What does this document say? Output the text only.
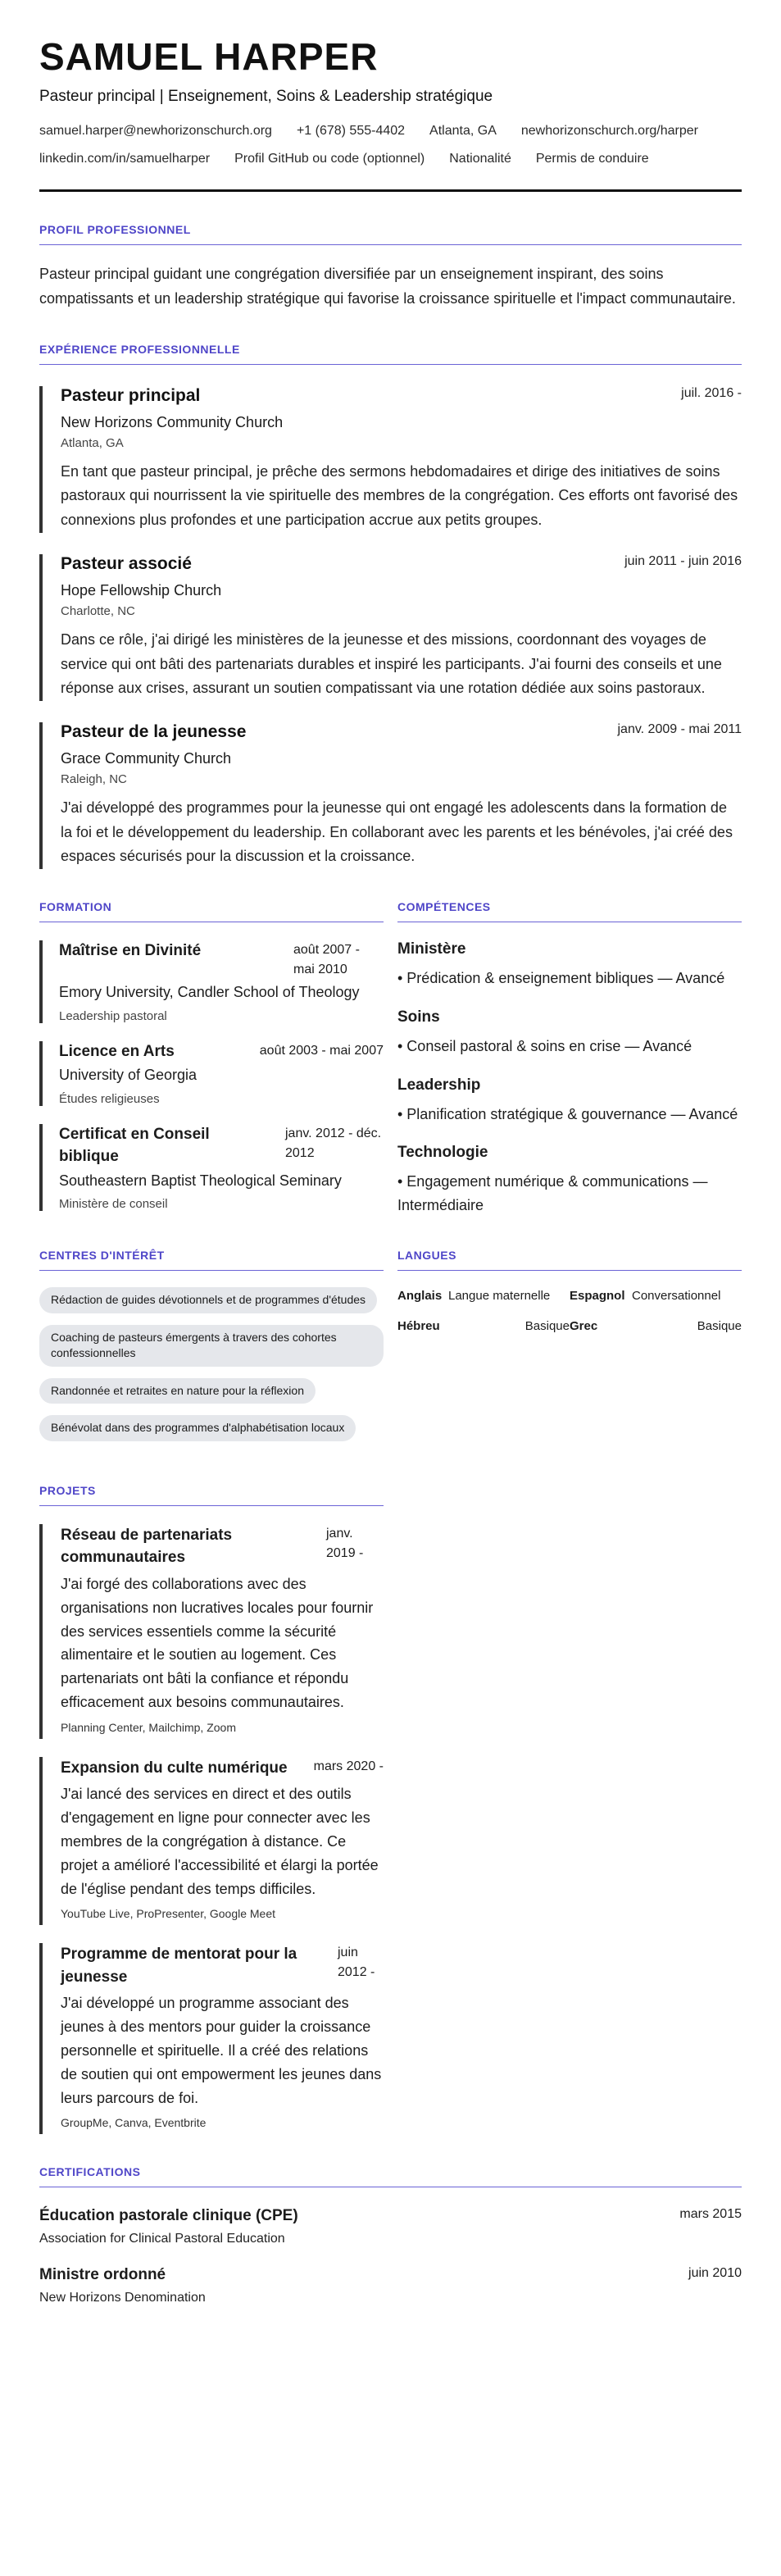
SAMUEL HARPER
Pasteur principal | Enseignement, Soins & Leadership stratégique
samuel.harper@newhorizonschurch.org +1 (678) 555-4402 Atlanta, GA newhorizonschurch.org/harper
linkedin.com/in/samuelharper Profil GitHub ou code (optionnel) Nationalité Permis de conduire
PROFIL PROFESSIONNEL

Pasteur principal guidant une congrégation diversifiée par un enseignement inspirant, des soins compatissants et un leadership stratégique qui favorise la croissance spirituelle et l'impact communautaire.

EXPÉRIENCE PROFESSIONNELLE
Pasteur principal	juil. 2016 -
New Horizons Community Church
Atlanta, GA

En tant que pasteur principal, je prêche des sermons hebdomadaires et dirige des initiatives de soins pastoraux qui nourrissent la vie spirituelle des membres de la congrégation. Ces efforts ont favorisé des connexions plus profondes et une participation accrue aux petits groupes.

Pasteur associé	juin 2011 - juin 2016
Hope Fellowship Church
Charlotte, NC

Dans ce rôle, j'ai dirigé les ministères de la jeunesse et des missions, coordonnant des voyages de service qui ont bâti des partenariats durables et inspiré les participants. J'ai fourni des conseils et une réponse aux crises, assurant un soutien compatissant via une rotation dédiée aux soins pastoraux.

Pasteur de la jeunesse	janv. 2009 - mai 2011
Grace Community Church
Raleigh, NC

J'ai développé des programmes pour la jeunesse qui ont engagé les adolescents dans la formation de la foi et le développement du leadership. En collaborant avec les parents et les bénévoles, j'ai créé des espaces sécurisés pour la discussion et la croissance.

FORMATION
Maîtrise en Divinité	août 2007 - mai 2010
Emory University, Candler School of Theology
Leadership pastoral
Licence en Arts	août 2003 - mai 2007
University of Georgia
Études religieuses
Certificat en Conseil biblique
janv. 2012 - déc. 2012
Southeastern Baptist Theological Seminary
Ministère de conseil
COMPÉTENCES
Ministère
• Prédication & enseignement bibliques — Avancé
Soins
• Conseil pastoral & soins en crise — Avancé
Leadership
• Planification stratégique & gouvernance — Avancé
Technologie
• Engagement numérique & communications — Intermédiaire
CENTRES D'INTÉRÊT
Rédaction de guides dévotionnels et de programmes d'études Coaching de pasteurs émergents à travers des cohortes confessionnelles Randonnée et retraites en nature pour la réflexion Bénévolat dans des programmes d'alphabétisation locaux
LANGUES
Anglais Langue maternelle	Espagnol Conversationnel
Hébreu	Basique Grec	Basique
PROJETS
Réseau de partenariats communautaires
janv. 2019 -

J'ai forgé des collaborations avec des organisations non lucratives locales pour fournir des services essentiels comme la sécurité alimentaire et le soutien au logement. Ces partenariats ont bâti la confiance et répondu efficacement aux besoins communautaires.

Planning Center, Mailchimp, Zoom
Expansion du culte numérique mars 2020 -

J'ai lancé des services en direct et des outils d'engagement en ligne pour connecter avec les membres de la congrégation à distance. Ce projet a amélioré l'accessibilité et élargi la portée de l'église pendant des temps difficiles.

YouTube Live, ProPresenter, Google Meet
Programme de mentorat pour la jeunesse
juin 2012 -

J'ai développé un programme associant des jeunes à des mentors pour guider la croissance personnelle et spirituelle. Il a créé des relations de soutien qui ont empowerment les jeunes dans leurs parcours de foi.

GroupMe, Canva, Eventbrite
CERTIFICATIONS
Éducation pastorale clinique (CPE)
Association for Clinical Pastoral Education
mars 2015
Ministre ordonné
New Horizons Denomination
juin 2010
